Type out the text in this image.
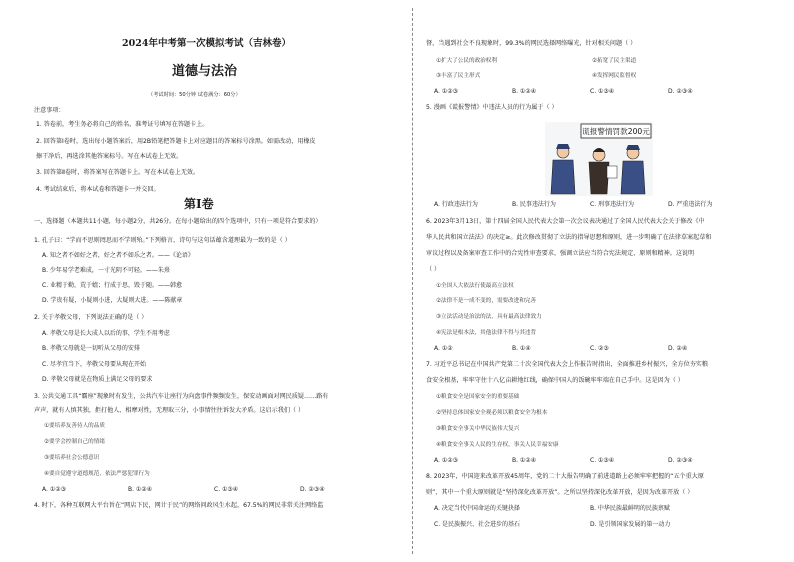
2024年中考第一次模拟考试（吉林卷）
道德与法治
（考试时间：50分钟 试卷满分：60分）
注意事项：
1. 答卷前，考生务必将自己的姓名、准考证号填写在答题卡上。
2. 回答第Ⅰ卷时，选出每小题答案后，用2B铅笔把答题卡上对应题目的答案标号涂黑。如需改动，用橡皮
擦干净后，再选涂其他答案标号。写在本试卷上无效。
3. 回答第Ⅱ卷时，将答案写在答题卡上。写在本试卷上无效。
4. 考试结束后，将本试卷和答题卡一并交回。
第Ⅰ卷
一、选择题（本题共11小题，每小题2分，共26分。在每小题给出的四个选项中，只有一项是符合要求的）
1. 孔子曰：“学而不思则罔思而不学则殆。”下列格言、诗句与这句话蕴含道理最为一致的是（ ）
A. 知之者不如好之者，好之者不如乐之者。——《论语》
B. 少年易学老难成，一寸光阴不可轻。——朱熹
C. 业精于勤，荒于嬉；行成于思，毁于随。——韩愈
D. 学贵有疑，小疑则小进，大疑则大进。——陈献章
2. 关于孝敬父母，下列说法正确的是（ ）
A. 孝敬父母是长大成人以后的事，学生不用考虑
B. 孝敬父母就是一切听从父母的安排
C. 尽孝宜当下，孝敬父母要从现在开始
D. 孝敬父母就是在物质上满足父母的要求
3. 公共交通工具“霸座”现象时有发生，公共汽车让座行为向盘事件频频发生，保安动画面对网民质疑……路有
声声，就有人慎其独，拒打他人、相摩对性，无理取三分，小事情往往诉发大矛盾。这启示我们（ ）
①要培养友善待人的品质
②要学会控制自己的情绪
③要培养社会公德意识
④要自觉遵守道德规范，依法严惩犯罪行为
A. ①②③	B. ①②④	C. ①③④	D. ②③④
4. 时下，各种互联网大平台旨在“网店下民，网计于民”的网络问政风生水起，67.5%的网民非常关注网络监
督，当遇到社会不良现象时，99.3%的网民选择网络曝光，针对相关问题（ ）
①扩大了公民的政治权利	②拓宽了民主渠道
③丰富了民主形式	④发挥网民监督权
A. ①②③	B. ①②④	C. ①③④	D. ②③④
5. 漫画《谎报警情》中违法人员的行为属于（ ）
谎报警情罚款200元
A. 行政违法行为	B. 民事违法行为	C. 刑事违法行为	D. 严重违法行为
6. 2023年3月13日，第十四届全国人民代表大会第一次会议表决通过了全国人民代表大会关于修改《中
华人民共和国立法法》的决定≥。此次修改贯彻了立法的指导思想和原则，进一步明确了在法律草案起草和
审议过程以及备案审查工作中的合宪性审查要求，强调立法应当符合宪法规定、原则和精神。这说明
（ ）
①全国人大依法行使最高立法权
②法律不是一成不变的，需要改进和完善
③立法活动是治法的法，具有最高法律效力
④宪法是根本法，其他法律不得与其违背
A. ①②	B. ①④	C. ②③	D. ②④
7. 习近平总书记在中国共产党第二十次全国代表大会上作报告时指出，全面推进乡村振兴，全方位夯实粮
食安全根基，牢牢守住十八亿亩耕地红线，确保中国人的饭碗牢牢端在自己手中。这是因为（ ）
①粮食安全是国家安全的重要基础
②坚持总体国家安全观必须以粮食安全为根本
③粮食安全事关中华民族伟大复兴
④粮食安全事关人民的生存权，事关人民幸福安康
A. ①②③	B. ①②④	C. ①③④	D. ②③④
8. 2023年，中国迎来改革开放45周年，党的二十大报告明确了前进道路上必须牢牢把握的“五个重大原
则”，其中一个重大原则就是“坚持深化改革开放”。之所以坚持深化改革开放，是因为改革开放（ ）
A. 决定当代中国命运的关键抉择	B. 中华民族最鲜明的民族禀赋
C. 是民族振兴、社会进步的基石	D. 是引领国家发展的第一动力
